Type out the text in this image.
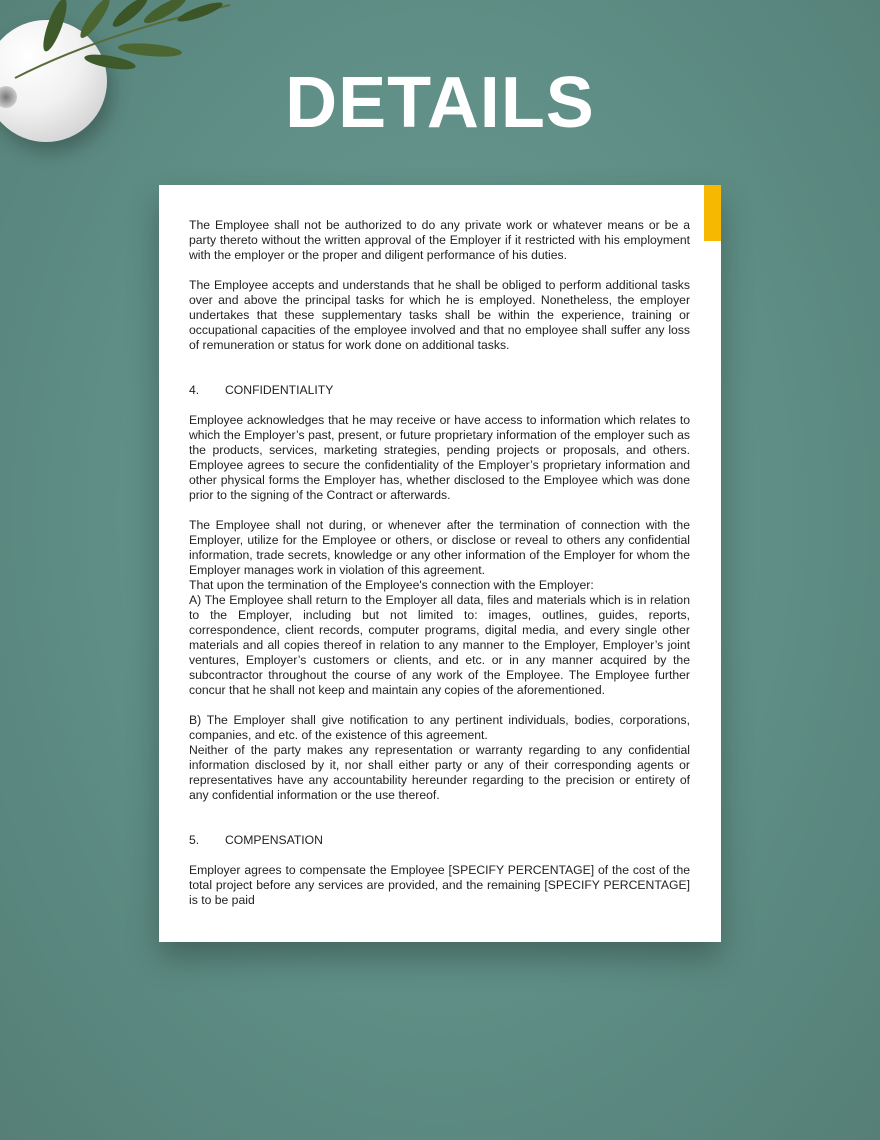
DETAILS

The Employee shall not be authorized to do any private work or whatever means or be a party thereto without the written approval of the Employer if it restricted with his employment with the employer or the proper and diligent performance of his duties.

The Employee accepts and understands that he shall be obliged to perform additional tasks over and above the principal tasks for which he is employed. Nonetheless, the employer undertakes that these supplementary tasks shall be within the experience, training or occupational capacities of the employee involved and that no employee shall suffer any loss of remuneration or status for work done on additional tasks.

4.	CONFIDENTIALITY

Employee acknowledges that he may receive or have access to information which relates to which the Employer’s past, present, or future proprietary information of the employer such as the products, services, marketing strategies, pending projects or proposals, and others. Employee agrees to secure the confidentiality of the Employer’s proprietary information and other physical forms the Employer has, whether disclosed to the Employee which was done prior to the signing of the Contract or afterwards.

The Employee shall not during, or whenever after the termination of connection with the Employer, utilize for the Employee or others, or disclose or reveal to others any confidential information, trade secrets, knowledge or any other information of the Employer for whom the Employer manages work in violation of this agreement.

That upon the termination of the Employee's connection with the Employer:

A) The Employee shall return to the Employer all data, files and materials which is in relation to the Employer, including but not limited to: images, outlines, guides, reports, correspondence, client records, computer programs, digital media, and every single other materials and all copies thereof in relation to any manner to the Employer, Employer’s joint ventures, Employer’s customers or clients, and etc. or in any manner acquired by the subcontractor throughout the course of any work of the Employee. The Employee further concur that he shall not keep and maintain any copies of the aforementioned.

B) The Employer shall give notification to any pertinent individuals, bodies, corporations, companies, and etc. of the existence of this agreement.

Neither of the party makes any representation or warranty regarding to any confidential information disclosed by it, nor shall either party or any of their corresponding agents or representatives have any accountability hereunder regarding to the precision or entirety of any confidential information or the use thereof.

5.	COMPENSATION

Employer agrees to compensate the Employee [SPECIFY PERCENTAGE] of the cost of the total project before any services are provided, and the remaining [SPECIFY PERCENTAGE] is to be paid
